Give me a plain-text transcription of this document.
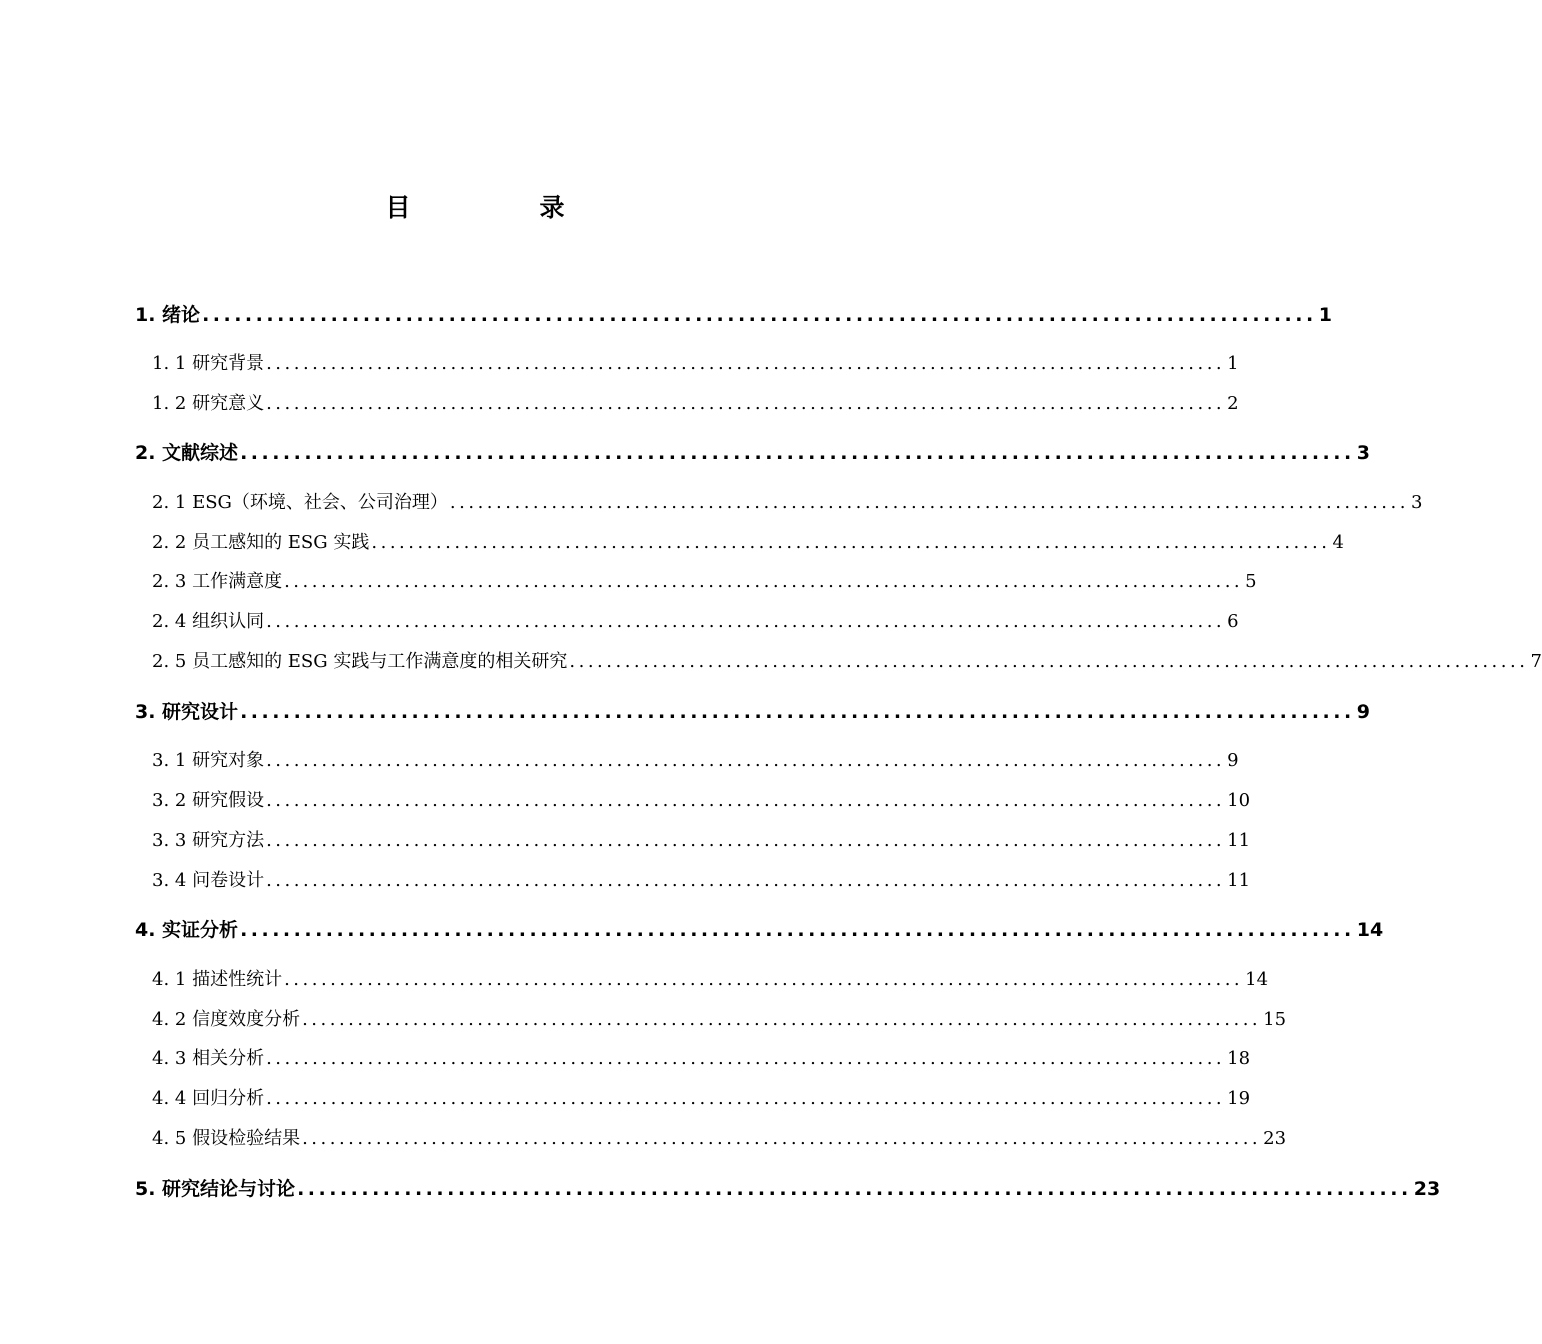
目　录
1. 绪论 ........................................................................................................ 1
1. 1 研究背景 ........................................................................................................ 1
1. 2 研究意义 ........................................................................................................ 2
2. 文献综述 ........................................................................................................ 3
2. 1 ESG（环境、社会、公司治理） ........................................................................................................ 3
2. 2 员工感知的 ESG 实践 ........................................................................................................ 4
2. 3 工作满意度 ........................................................................................................ 5
2. 4 组织认同 ........................................................................................................ 6
2. 5 员工感知的 ESG 实践与工作满意度的相关研究 ........................................................................................................ 7
3. 研究设计 ........................................................................................................ 9
3. 1 研究对象 ........................................................................................................ 9
3. 2 研究假设 ........................................................................................................ 10
3. 3 研究方法 ........................................................................................................ 11
3. 4 问卷设计 ........................................................................................................ 11
4. 实证分析 ........................................................................................................ 14
4. 1 描述性统计 ........................................................................................................ 14
4. 2 信度效度分析 ........................................................................................................ 15
4. 3 相关分析 ........................................................................................................ 18
4. 4 回归分析 ........................................................................................................ 19
4. 5 假设检验结果 ........................................................................................................ 23
5. 研究结论与讨论 ........................................................................................................ 23
